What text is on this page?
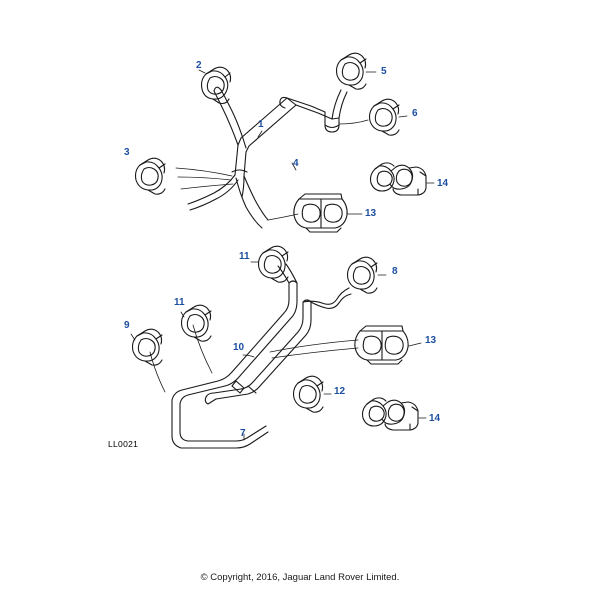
1
2
3
4
5
6
7
8
9
10
11
11
12
13
13
14
14
LL0021
© Copyright, 2016, Jaguar Land Rover Limited.
